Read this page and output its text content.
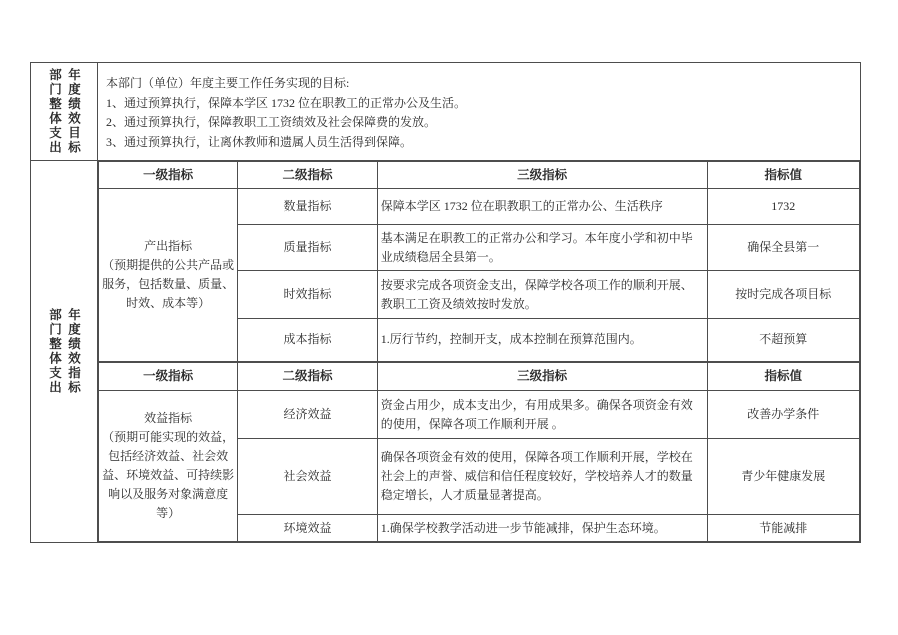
部门整体支出 年度绩效目标	本部门（单位）年度主要工作任务实现的目标:
1、通过预算执行，保障本学区 1732 位在职教工的正常办公及生活。
2、通过预算执行，保障教职工工资绩效及社会保障费的发放。
3、通过预算执行，让离休教师和遗属人员生活得到保障。

部门整体支出 年度绩效指标

一级指标	二级指标	三级指标	指标值

产出指标
（预期提供的公共产品或服务，包括数量、质量、时效、成本等）
	数量指标	保障本学区 1732 位在职教职工的正常办公、生活秩序	1732
质量指标	基本满足在职教工的正常办公和学习。本年度小学和初中毕业成绩稳居全县第一。	确保全县第一
时效指标	按要求完成各项资金支出，保障学校各项工作的顺利开展、教职工工资及绩效按时发放。	按时完成各项目标
成本指标	1.厉行节约，控制开支，成本控制在预算范围内。	不超预算
一级指标	二级指标	三级指标	指标值

效益指标
（预期可能实现的效益，包括经济效益、社会效益、环境效益、可持续影响以及服务对象满意度等）
	经济效益	资金占用少，成本支出少，有用成果多。确保各项资金有效的使用，保障各项工作顺利开展 。	改善办学条件
社会效益	确保各项资金有效的使用，保障各项工作顺利开展，学校在社会上的声誉、威信和信任程度较好，学校培养人才的数量稳定增长，人才质量显著提高。	青少年健康发展
环境效益	1.确保学校教学活动进一步节能减排，保护生态环境。	节能减排
